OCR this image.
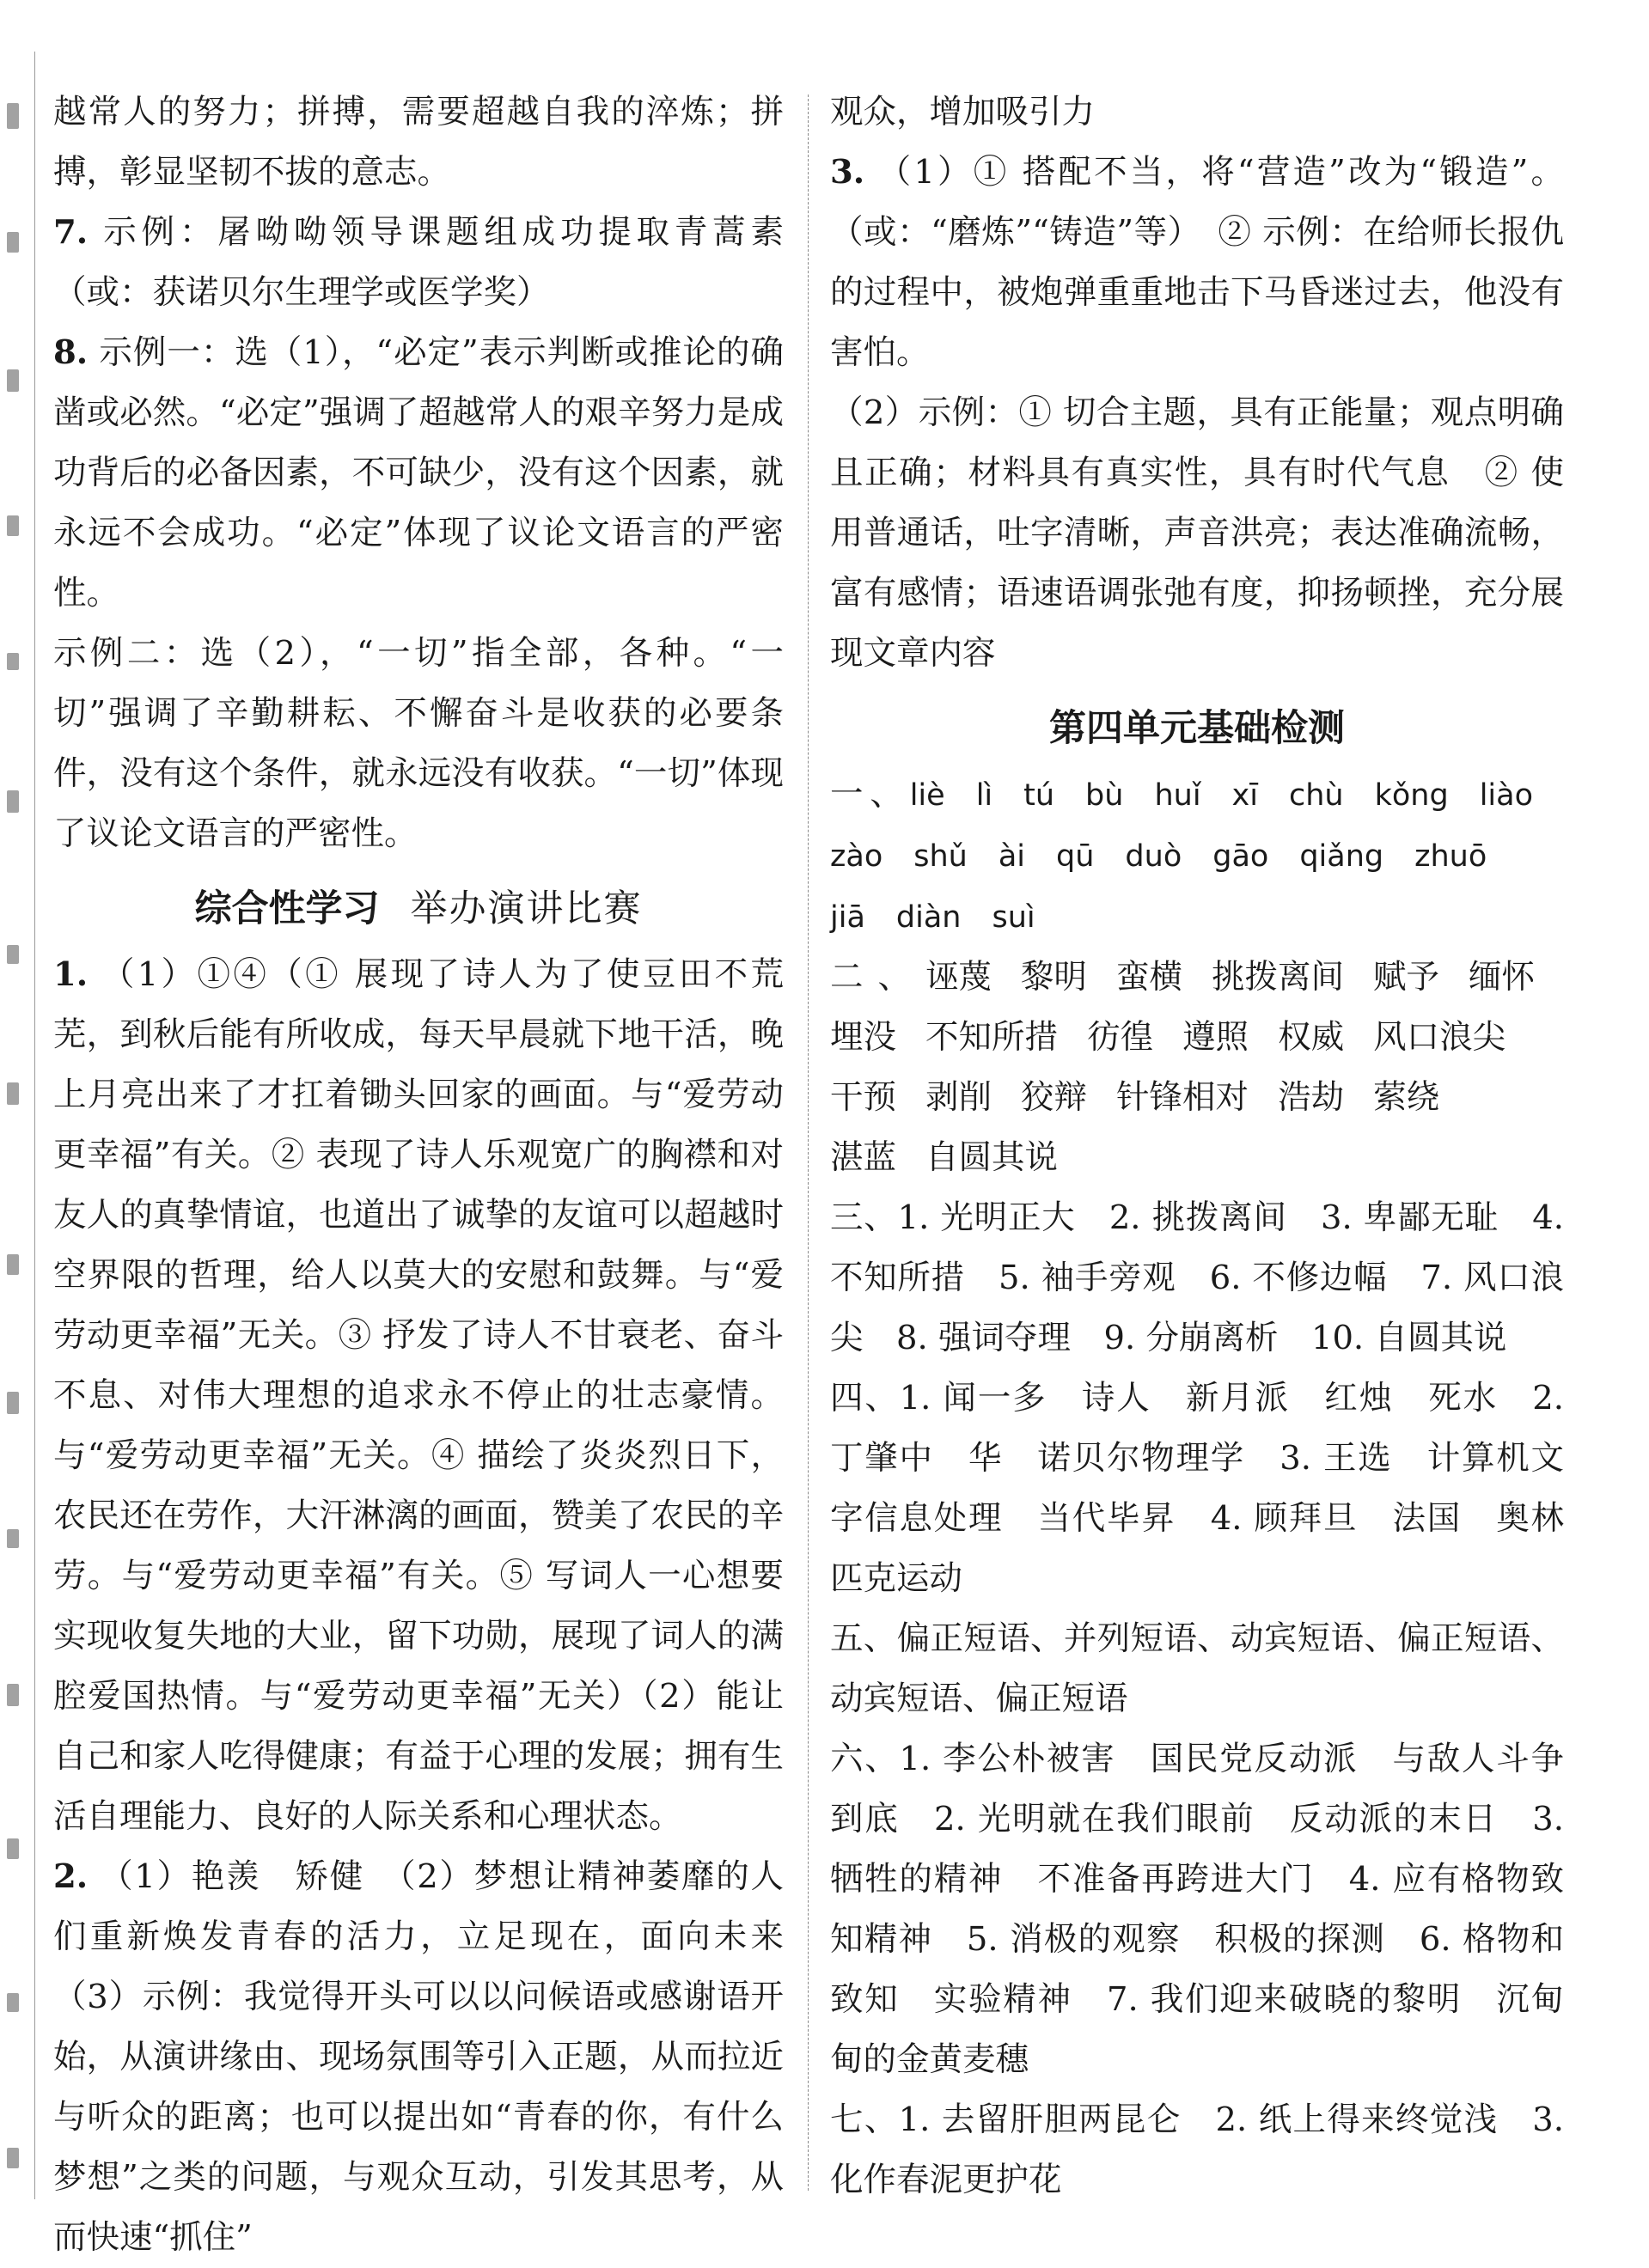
越常人的努力；拼搏，需要超越自我的淬炼；拼搏，彰显坚韧不拔的意志。

7. 示例：屠呦呦领导课题组成功提取青蒿素（或：获诺贝尔生理学或医学奖）

8. 示例一：选（1），“必定”表示判断或推论的确凿或必然。“必定”强调了超越常人的艰辛努力是成功背后的必备因素，不可缺少，没有这个因素，就永远不会成功。“必定”体现了议论文语言的严密性。

示例二：选（2），“一切”指全部，各种。“一切”强调了辛勤耕耘、不懈奋斗是收获的必要条件，没有这个条件，就永远没有收获。“一切”体现了议论文语言的严密性。

综合性学习 举办演讲比赛

1. （1）①④（① 展现了诗人为了使豆田不荒芜，到秋后能有所收成，每天早晨就下地干活，晚上月亮出来了才扛着锄头回家的画面。与“爱劳动更幸福”有关。② 表现了诗人乐观宽广的胸襟和对友人的真挚情谊，也道出了诚挚的友谊可以超越时空界限的哲理，给人以莫大的安慰和鼓舞。与“爱劳动更幸福”无关。③ 抒发了诗人不甘衰老、奋斗不息、对伟大理想的追求永不停止的壮志豪情。与“爱劳动更幸福”无关。④ 描绘了炎炎烈日下，农民还在劳作，大汗淋漓的画面，赞美了农民的辛劳。与“爱劳动更幸福”有关。⑤ 写词人一心想要实现收复失地的大业，留下功勋，展现了词人的满腔爱国热情。与“爱劳动更幸福”无关）（2）能让自己和家人吃得健康；有益于心理的发展；拥有生活自理能力、良好的人际关系和心理状态。

2. （1）艳羡　矫健　（2）梦想让精神萎靡的人们重新焕发青春的活力，立足现在，面向未来　（3）示例：我觉得开头可以以问候语或感谢语开始，从演讲缘由、现场氛围等引入正题，从而拉近与听众的距离；也可以提出如“青春的你，有什么梦想”之类的问题，与观众互动，引发其思考，从而快速“抓住”

观众，增加吸引力

3. （1）① 搭配不当，将“营造”改为“锻造”。（或：“磨炼”“铸造”等）　② 示例：在给师长报仇的过程中，被炮弹重重地击下马昏迷过去，他没有害怕。

（2）示例：① 切合主题，具有正能量；观点明确且正确；材料具有真实性，具有时代气息　② 使用普通话，吐字清晰，声音洪亮；表达准确流畅，富有感情；语速语调张弛有度，抑扬顿挫，充分展现文章内容

第四单元基础检测

一、liè lì tú bù huǐ xī chù kǒng liàozào shǔ ài qū duò gāo qiǎng zhuōjiā diàn suì

二、诬蔑 黎明 蛮横 挑拨离间 赋予 缅怀埋没 不知所措 彷徨 遵照 权威 风口浪尖干预 剥削 狡辩 针锋相对 浩劫 萦绕湛蓝 自圆其说

三、1. 光明正大　2. 挑拨离间　3. 卑鄙无耻　4. 不知所措　5. 袖手旁观　6. 不修边幅　7. 风口浪尖　8. 强词夺理　9. 分崩离析　10. 自圆其说

四、1. 闻一多　诗人　新月派　红烛　死水　2. 丁肇中　华　诺贝尔物理学　3. 王选　计算机文字信息处理　当代毕昇　4. 顾拜旦　法国　奥林匹克运动

五、偏正短语、并列短语、动宾短语、偏正短语、动宾短语、偏正短语

六、1. 李公朴被害　国民党反动派　与敌人斗争到底　2. 光明就在我们眼前　反动派的末日　3. 牺牲的精神　不准备再跨进大门　4. 应有格物致知精神　5. 消极的观察　积极的探测　6. 格物和致知　实验精神　7. 我们迎来破晓的黎明　沉甸甸的金黄麦穗

七、1. 去留肝胆两昆仑　2. 纸上得来终觉浅　3. 化作春泥更护花
